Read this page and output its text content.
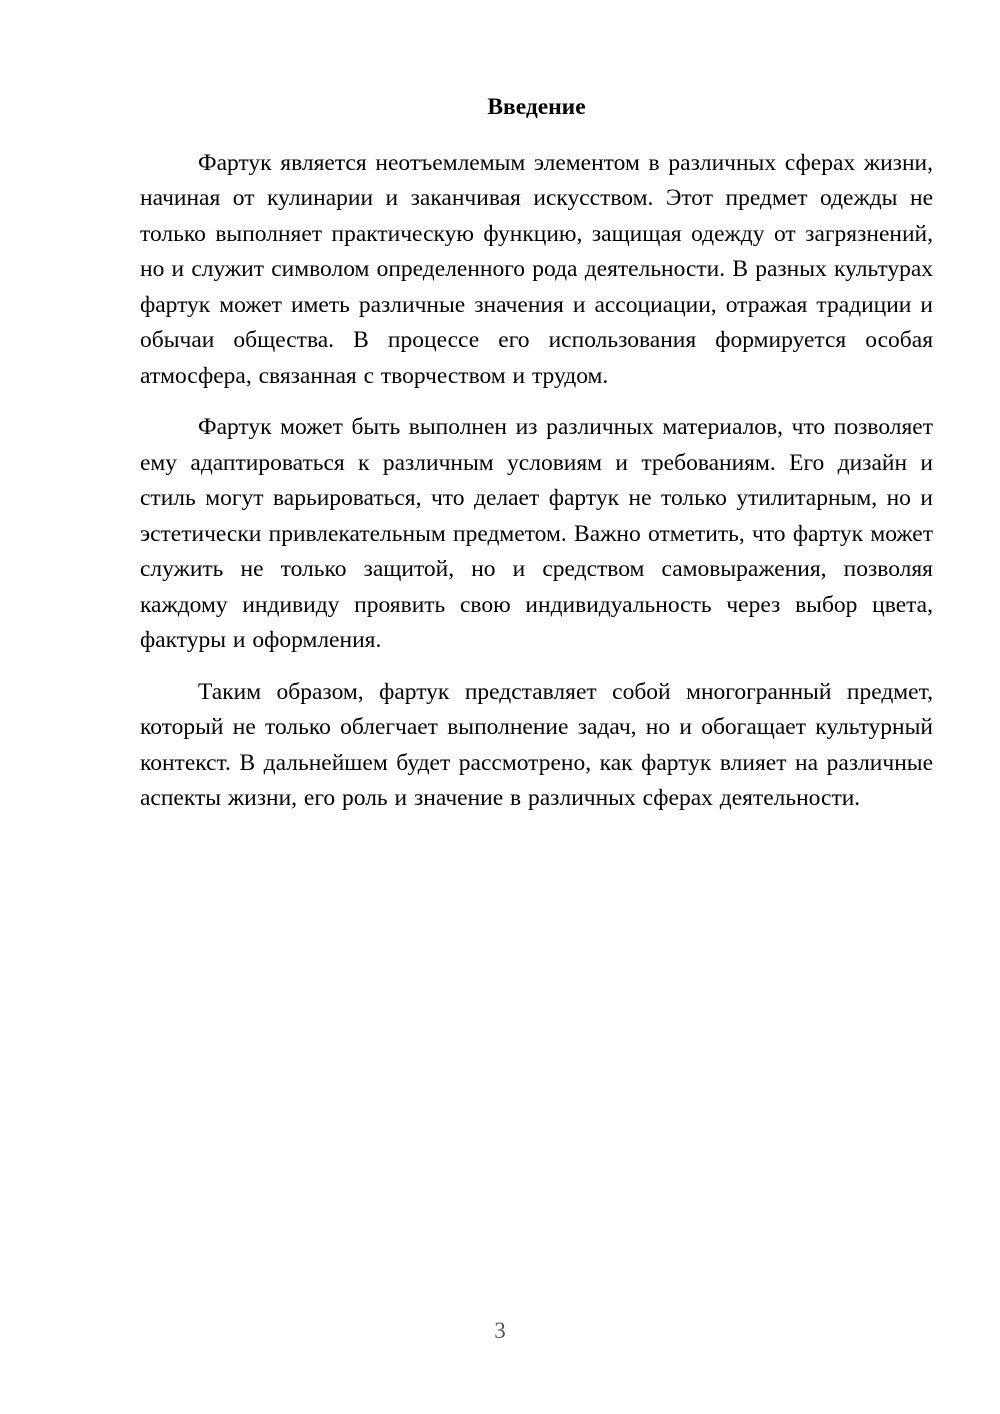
Введение

Фартук является неотъемлемым элементом в различных сферах жизни, начиная от кулинарии и заканчивая искусством. Этот предмет одежды не только выполняет практическую функцию, защищая одежду от загрязнений, но и служит символом определенного рода деятельности. В разных культурах фартук может иметь различные значения и ассоциации, отражая традиции и обычаи общества. В процессе его использования формируется особая атмосфера, связанная с творчеством и трудом.

Фартук может быть выполнен из различных материалов, что позволяет ему адаптироваться к различным условиям и требованиям. Его дизайн и стиль могут варьироваться, что делает фартук не только утилитарным, но и эстетически привлекательным предметом. Важно отметить, что фартук может служить не только защитой, но и средством самовыражения, позволяя каждому индивиду проявить свою индивидуальность через выбор цвета, фактуры и оформления.

Таким образом, фартук представляет собой многогранный предмет, который не только облегчает выполнение задач, но и обогащает культурный контекст. В дальнейшем будет рассмотрено, как фартук влияет на различные аспекты жизни, его роль и значение в различных сферах деятельности.

3
